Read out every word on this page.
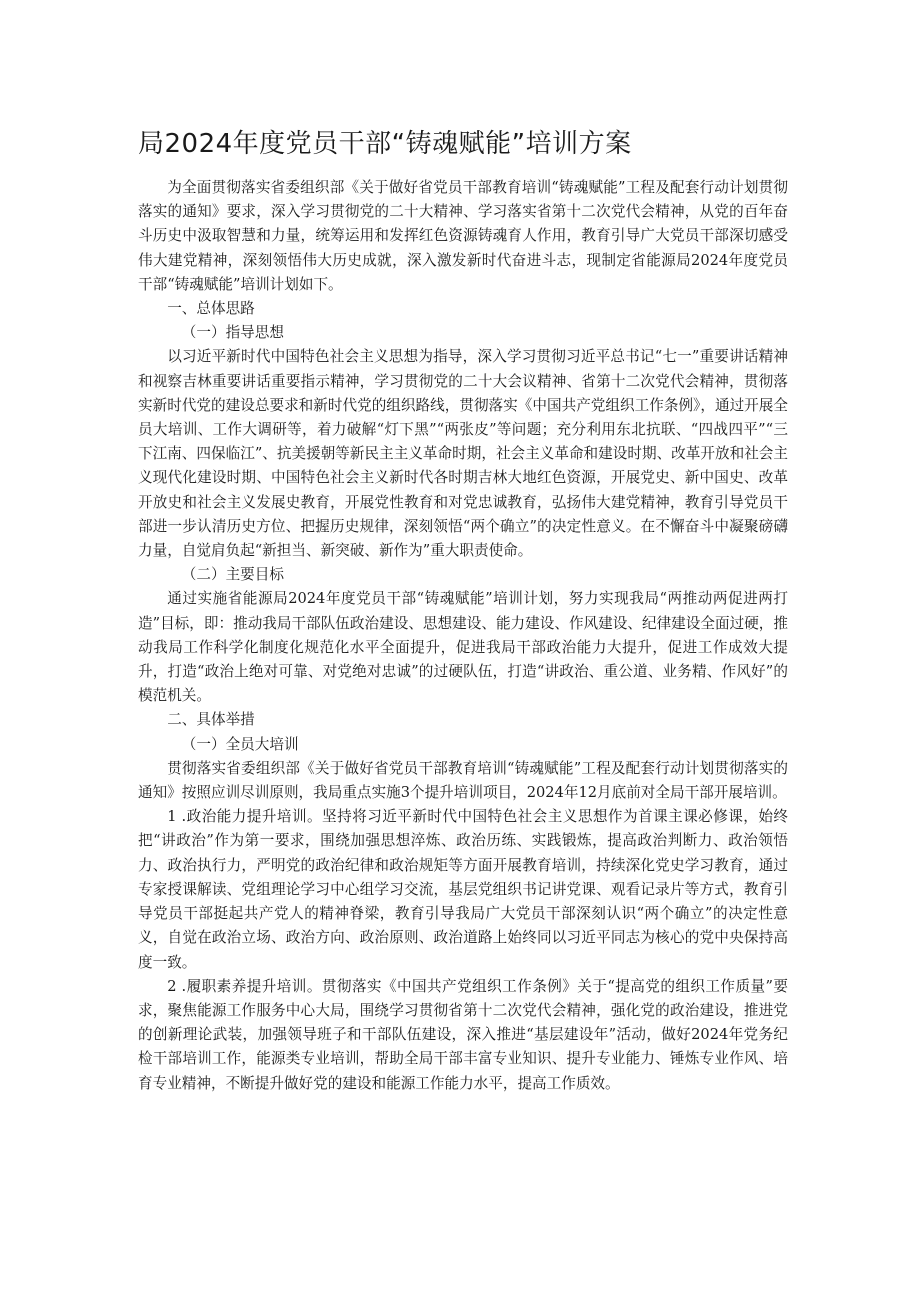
局2024年度党员干部“铸魂赋能”培训方案

为全面贯彻落实省委组织部《关于做好省党员干部教育培训“铸魂赋能”工程及配套行动计划贯彻落实的通知》要求，深入学习贯彻党的二十大精神、学习落实省第十二次党代会精神，从党的百年奋斗历史中汲取智慧和力量，统筹运用和发挥红色资源铸魂育人作用，教育引导广大党员干部深切感受伟大建党精神，深刻领悟伟大历史成就，深入激发新时代奋进斗志，现制定省能源局2024年度党员干部“铸魂赋能”培训计划如下。

一、总体思路

（一）指导思想

以习近平新时代中国特色社会主义思想为指导，深入学习贯彻习近平总书记“七一”重要讲话精神和视察吉林重要讲话重要指示精神，学习贯彻党的二十大会议精神、省第十二次党代会精神，贯彻落实新时代党的建设总要求和新时代党的组织路线，贯彻落实《中国共产党组织工作条例》，通过开展全员大培训、工作大调研等，着力破解“灯下黑”“两张皮”等问题；充分利用东北抗联、“四战四平”“三下江南、四保临江”、抗美援朝等新民主主义革命时期，社会主义革命和建设时期、改革开放和社会主义现代化建设时期、中国特色社会主义新时代各时期吉林大地红色资源，开展党史、新中国史、改革开放史和社会主义发展史教育，开展党性教育和对党忠诚教育，弘扬伟大建党精神，教育引导党员干部进一步认清历史方位、把握历史规律，深刻领悟“两个确立”的决定性意义。在不懈奋斗中凝聚磅礴力量，自觉肩负起“新担当、新突破、新作为”重大职责使命。

（二）主要目标

通过实施省能源局2024年度党员干部“铸魂赋能”培训计划，努力实现我局“两推动两促进两打造”目标，即：推动我局干部队伍政治建设、思想建设、能力建设、作风建设、纪律建设全面过硬，推动我局工作科学化制度化规范化水平全面提升，促进我局干部政治能力大提升，促进工作成效大提升，打造“政治上绝对可靠、对党绝对忠诚”的过硬队伍，打造“讲政治、重公道、业务精、作风好”的模范机关。

二、具体举措

（一）全员大培训

贯彻落实省委组织部《关于做好省党员干部教育培训“铸魂赋能”工程及配套行动计划贯彻落实的通知》按照应训尽训原则，我局重点实施3个提升培训项目，2024年12月底前对全局干部开展培训。

1 .政治能力提升培训。坚持将习近平新时代中国特色社会主义思想作为首课主课必修课，始终把“讲政治”作为第一要求，围绕加强思想淬炼、政治历练、实践锻炼，提高政治判断力、政治领悟力、政治执行力，严明党的政治纪律和政治规矩等方面开展教育培训，持续深化党史学习教育，通过专家授课解读、党组理论学习中心组学习交流，基层党组织书记讲党课、观看记录片等方式，教育引导党员干部挺起共产党人的精神脊梁，教育引导我局广大党员干部深刻认识“两个确立”的决定性意义，自觉在政治立场、政治方向、政治原则、政治道路上始终同以习近平同志为核心的党中央保持高度一致。

2 .履职素养提升培训。贯彻落实《中国共产党组织工作条例》关于“提高党的组织工作质量”要求，聚焦能源工作服务中心大局，围绕学习贯彻省第十二次党代会精神，强化党的政治建设，推进党的创新理论武装，加强领导班子和干部队伍建设，深入推进“基层建设年”活动，做好2024年党务纪检干部培训工作，能源类专业培训，帮助全局干部丰富专业知识、提升专业能力、锤炼专业作风、培育专业精神，不断提升做好党的建设和能源工作能力水平，提高工作质效。
